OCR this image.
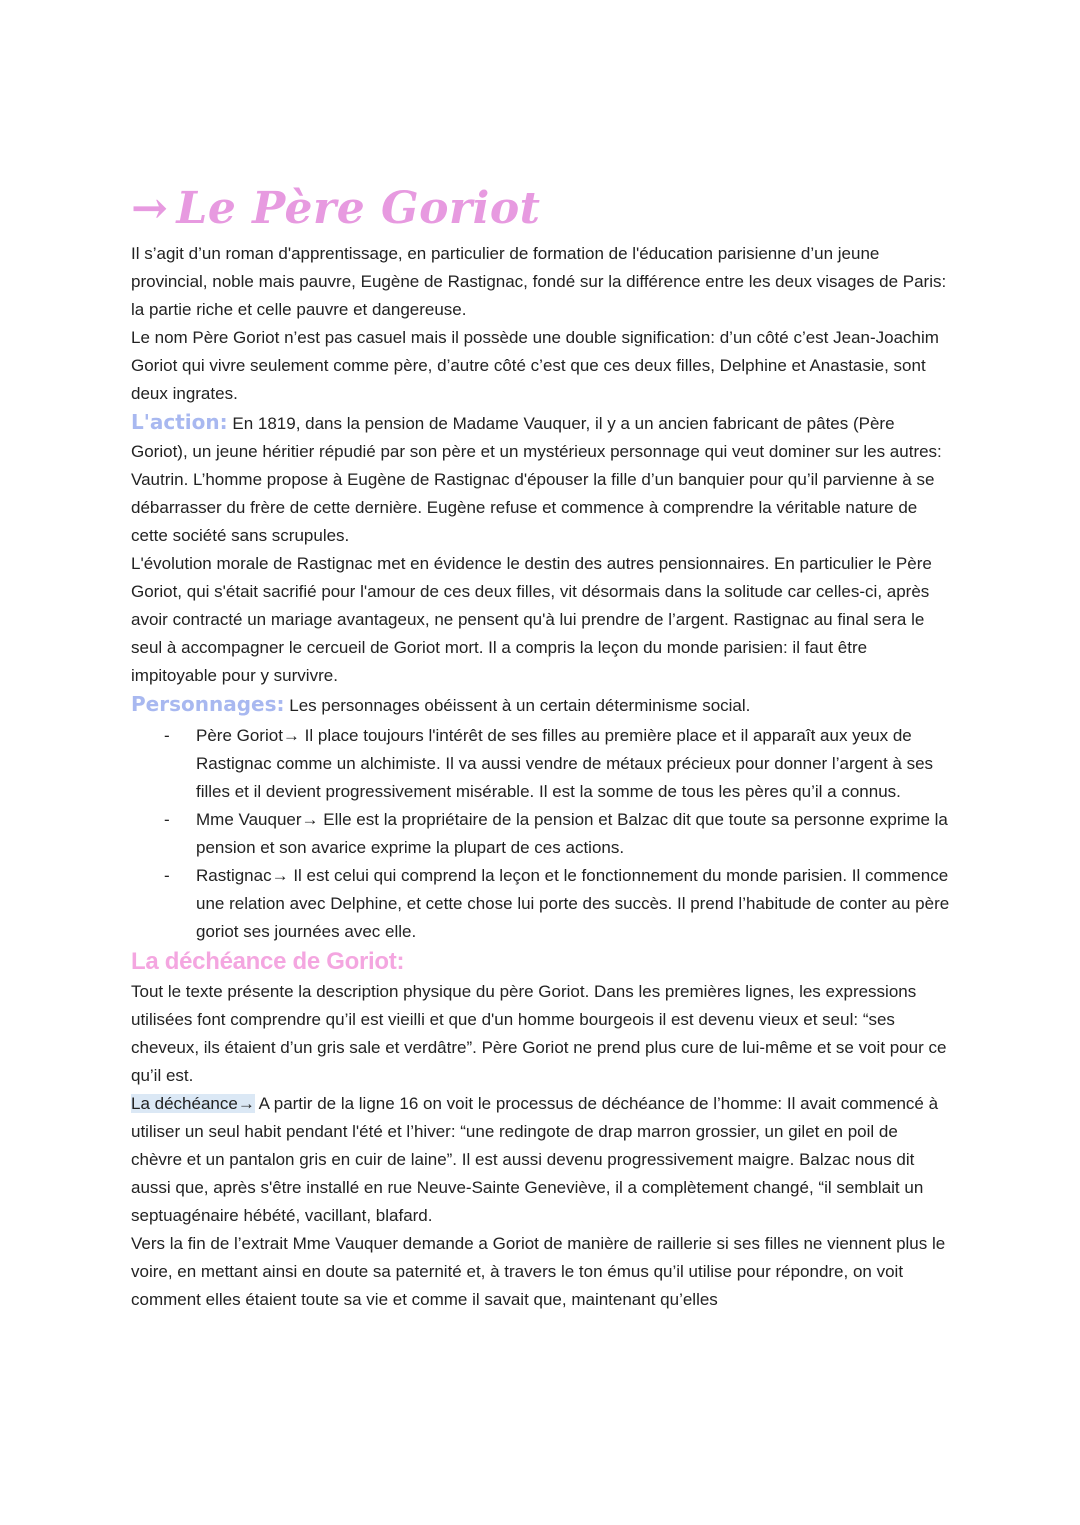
→ Le Père Goriot

Il s’agit d’un roman d'apprentissage, en particulier de formation de l'éducation parisienne d’un jeune provincial, noble mais pauvre, Eugène de Rastignac, fondé sur la différence entre les deux visages de Paris: la partie riche et celle pauvre et dangereuse.

Le nom Père Goriot n’est pas casuel mais il possède une double signification: d’un côté c’est Jean-Joachim Goriot qui vivre seulement comme père, d’autre côté c’est que ces deux filles, Delphine et Anastasie, sont deux ingrates.

L'action: En 1819, dans la pension de Madame Vauquer, il y a un ancien fabricant de pâtes (Père Goriot), un jeune héritier répudié par son père et un mystérieux personnage qui veut dominer sur les autres: Vautrin. L’homme propose à Eugène de Rastignac d'épouser la fille d’un banquier pour qu’il parvienne à se débarrasser du frère de cette dernière. Eugène refuse et commence à comprendre la véritable nature de cette société sans scrupules.

L'évolution morale de Rastignac met en évidence le destin des autres pensionnaires. En particulier le Père Goriot, qui s'était sacrifié pour l'amour de ces deux filles, vit désormais dans la solitude car celles-ci, après avoir contracté un mariage avantageux, ne pensent qu'à lui prendre de l’argent. Rastignac au final sera le seul à accompagner le cercueil de Goriot mort. Il a compris la leçon du monde parisien: il faut être impitoyable pour y survivre.

Personnages: Les personnages obéissent à un certain déterminisme social.

- Père Goriot→ Il place toujours l'intérêt de ses filles au première place et il apparaît aux yeux de Rastignac comme un alchimiste. Il va aussi vendre de métaux précieux pour donner l’argent à ses filles et il devient progressivement misérable. Il est la somme de tous les pères qu’il a connus.
- Mme Vauquer→ Elle est la propriétaire de la pension et Balzac dit que toute sa personne exprime la pension et son avarice exprime la plupart de ces actions.
- Rastignac→ Il est celui qui comprend la leçon et le fonctionnement du monde parisien. Il commence une relation avec Delphine, et cette chose lui porte des succès. Il prend l’habitude de conter au père goriot ses journées avec elle.

La déchéance de Goriot:

Tout le texte présente la description physique du père Goriot. Dans les premières lignes, les expressions utilisées font comprendre qu’il est vieilli et que d'un homme bourgeois il est devenu vieux et seul: “ses cheveux, ils étaient d’un gris sale et verdâtre”. Père Goriot ne prend plus cure de lui-même et se voit pour ce qu’il est.

La déchéance→ A partir de la ligne 16 on voit le processus de déchéance de l’homme: Il avait commencé à utiliser un seul habit pendant l'été et l’hiver: “une redingote de drap marron grossier, un gilet en poil de chèvre et un pantalon gris en cuir de laine”. Il est aussi devenu progressivement maigre. Balzac nous dit aussi que, après s'être installé en rue Neuve-Sainte Geneviève, il a complètement changé, “il semblait un septuagénaire hébété, vacillant, blafard.

Vers la fin de l’extrait Mme Vauquer demande a Goriot de manière de raillerie si ses filles ne viennent plus le voire, en mettant ainsi en doute sa paternité et, à travers le ton émus qu’il utilise pour répondre, on voit comment elles étaient toute sa vie et comme il savait que, maintenant qu’elles
